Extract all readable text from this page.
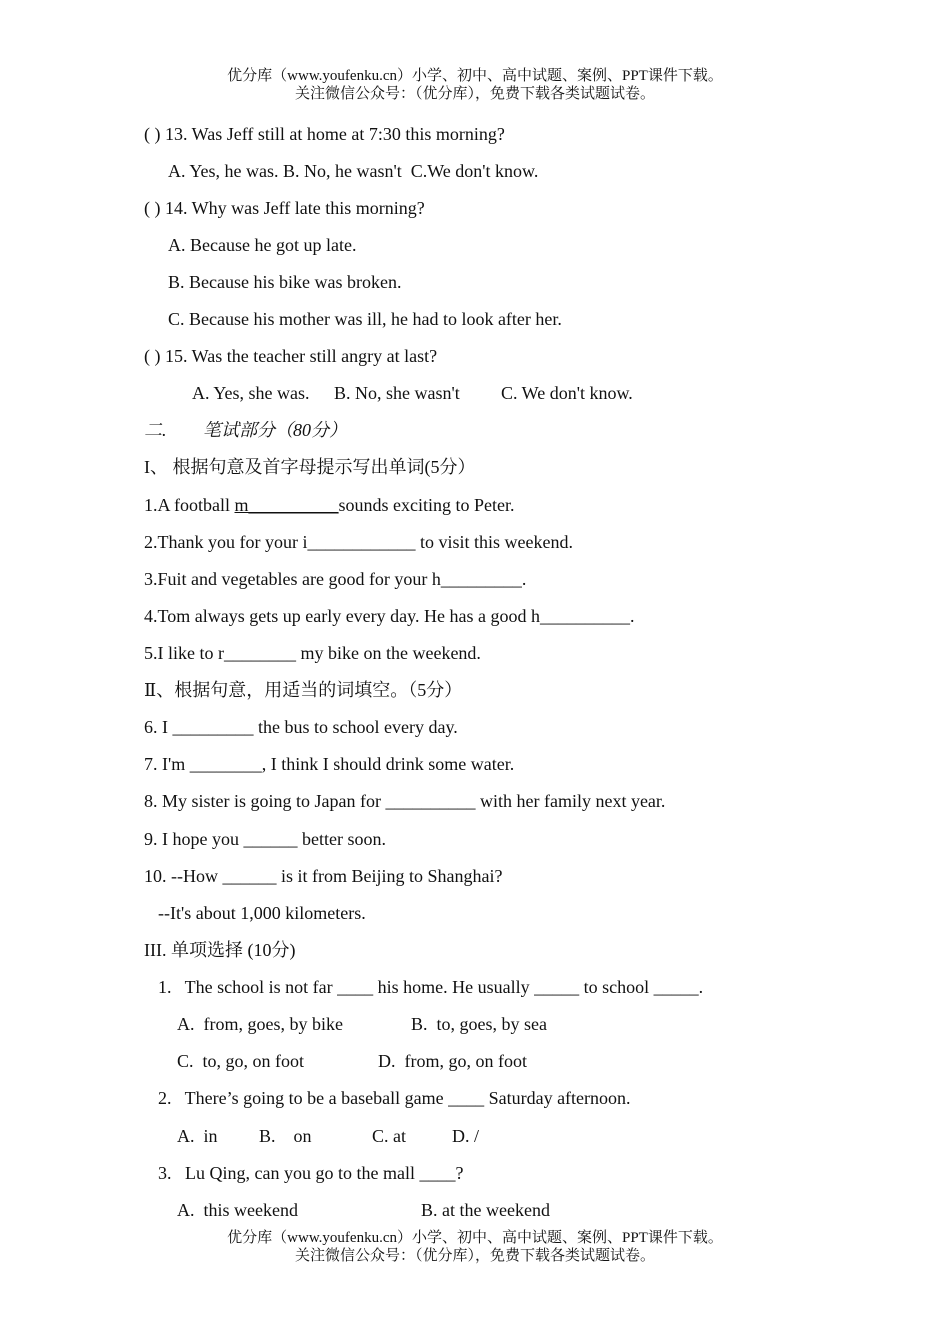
优分库（www.youfenku.cn）小学、初中、高中试题、案例、PPT课件下载。
关注微信公众号：（优分库），免费下载各类试题试卷。
( ) 13. Was Jeff still at home at 7:30 this morning?
A. Yes, he was. B. No, he wasn't  C.We don't know.
( ) 14. Why was Jeff late this morning?
A. Because he got up late.
B. Because his bike was broken.
C. Because his mother was ill, he had to look after her.
( ) 15. Was the teacher still angry at last?
A. Yes, she was. B. No, she wasn't C. We don't know.
二. 笔试部分（80分）
I、 根据句意及首字母提示写出单词(5分）
1.A football m__________sounds exciting to Peter.
2.Thank you for your i____________ to visit this weekend.
3.Fuit and vegetables are good for your h_________.
4.Tom always gets up early every day. He has a good h__________.
5.I like to r________ my bike on the weekend.
Ⅱ、根据句意，用适当的词填空。（5分）
6. I _________ the bus to school every day.
7. I'm ________, I think I should drink some water.
8. My sister is going to Japan for __________ with her family next year.
9. I hope you ______ better soon.
10. --How ______ is it from Beijing to Shanghai?
--It's about 1,000 kilometers.
III. 单项选择 (10分)
1.   The school is not far ____ his home. He usually _____ to school _____.
A.  from, goes, by bike	B.  to, goes, by sea
C.  to, go, on foot	D.  from, go, on foot
2.   There’s going to be a baseball game ____ Saturday afternoon.
A.  in B.    on	C. at	D. /
3.   Lu Qing, can you go to the mall ____?
A.  this weekend	B. at the weekend
优分库（www.youfenku.cn）小学、初中、高中试题、案例、PPT课件下载。
关注微信公众号：（优分库），免费下载各类试题试卷。
